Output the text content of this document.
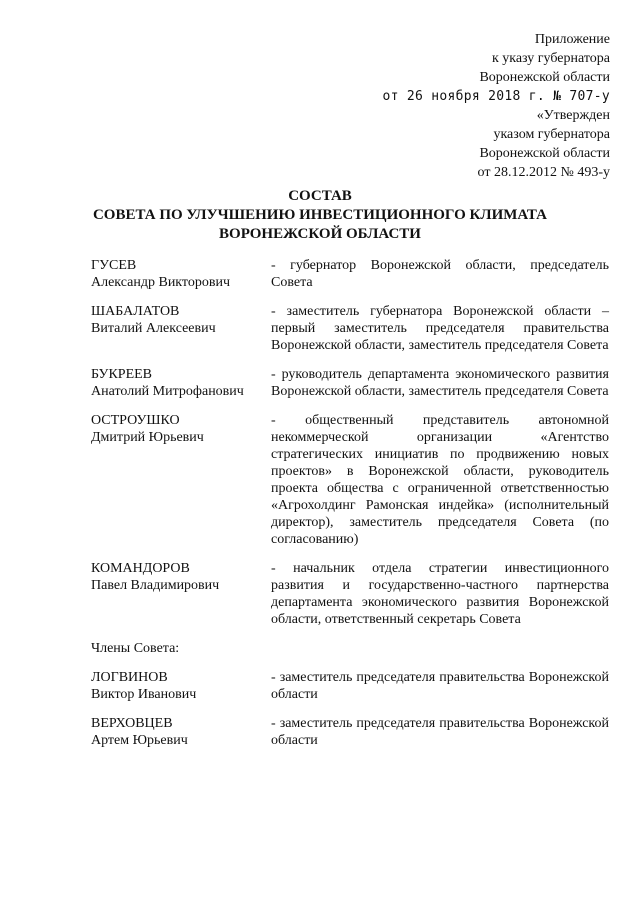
Приложение
к указу губернатора
Воронежской области
от 26 ноября 2018 г. № 707-у
«Утвержден
указом губернатора
Воронежской области
от 28.12.2012 № 493-у
СОСТАВ
СОВЕТА ПО УЛУЧШЕНИЮ ИНВЕСТИЦИОННОГО КЛИМАТА
ВОРОНЕЖСКОЙ ОБЛАСТИ
ГУСЕВ
Александр Викторович
- губернатор Воронежской области, председатель Совета
ШАБАЛАТОВ
Виталий Алексеевич
- заместитель губернатора Воронежской области – первый заместитель председателя правительства Воронежской области, заместитель председателя Совета
БУКРЕЕВ
Анатолий Митрофанович
- руководитель департамента экономического развития Воронежской области, заместитель председателя Совета
ОСТРОУШКО
Дмитрий Юрьевич
- общественный представитель автономной некоммерческой организации «Агентство стратегических инициатив по продвижению новых проектов» в Воронежской области, руководитель проекта общества с ограниченной ответственностью «Агрохолдинг Рамонская индейка» (исполнительный директор), заместитель председателя Совета (по согласованию)
КОМАНДОРОВ
Павел Владимирович
- начальник отдела стратегии инвестиционного развития и государственно-частного партнерства департамента экономического развития Воронежской области, ответственный секретарь Совета
Члены Совета:
ЛОГВИНОВ
Виктор Иванович
- заместитель председателя правительства Воронежской области
ВЕРХОВЦЕВ
Артем Юрьевич
- заместитель председателя правительства Воронежской области
